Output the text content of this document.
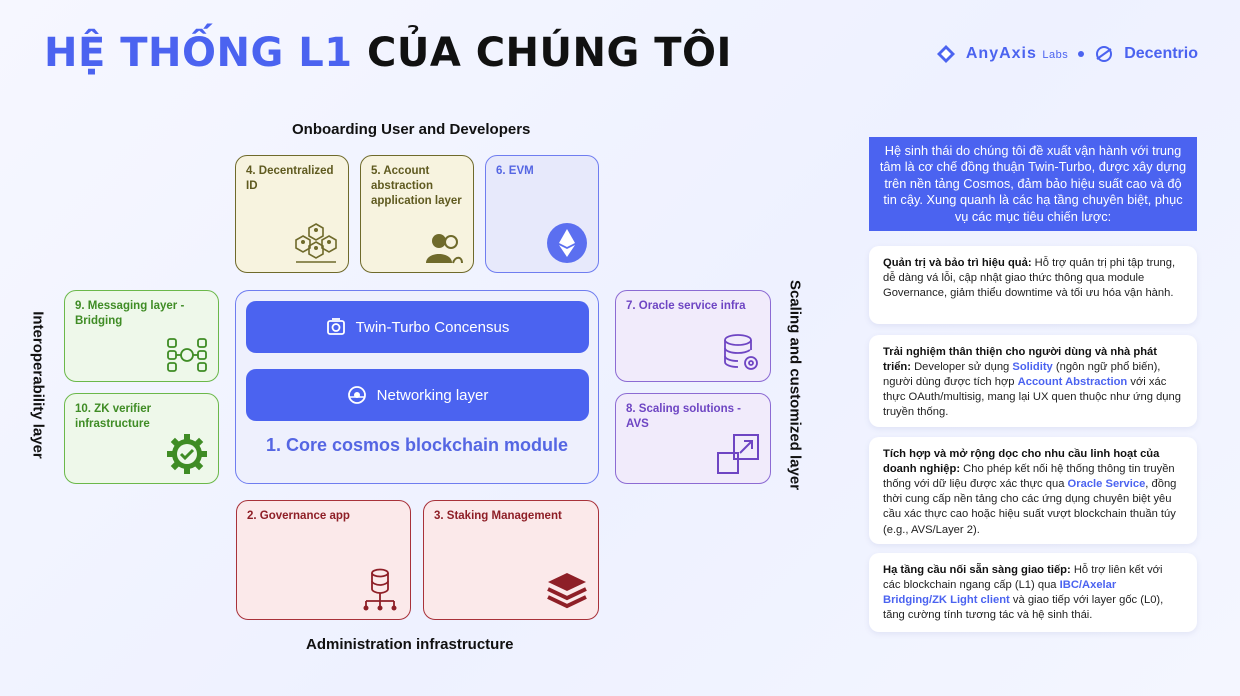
HỆ THỐNG L1 CỦA CHÚNG TÔI	AnyAxis Labs	Decentrio
Onboarding User and Developers
Administration infrastructure
Interoperability layer	Scaling and customized layer
4. Decentralized ID
5. Account abstraction application layer
6. EVM
9. Messaging layer - Bridging
10. ZK verifier infrastructure
Twin-Turbo Concensus
Networking layer
1. Core cosmos blockchain module
7. Oracle service infra
8. Scaling solutions - AVS
2. Governance app	3. Staking Management
Hệ sinh thái do chúng tôi đề xuất vận hành với trung tâm là cơ chế đồng thuận Twin-Turbo, được xây dựng trên nền tảng Cosmos, đảm bảo hiệu suất cao và độ tin cậy. Xung quanh là các hạ tầng chuyên biệt, phục vụ các mục tiêu chiến lược:
Quản trị và bảo trì hiệu quả: Hỗ trợ quản trị phi tập trung, dễ dàng vá lỗi, cập nhật giao thức thông qua module Governance, giảm thiểu downtime và tối ưu hóa vận hành.
Trải nghiệm thân thiện cho người dùng và nhà phát triển: Developer sử dụng Solidity (ngôn ngữ phổ biến), người dùng được tích hợp Account Abstraction với xác thực OAuth/multisig, mang lại UX quen thuộc như ứng dụng truyền thống.
Tích hợp và mở rộng dọc cho nhu cầu linh hoạt của doanh nghiệp: Cho phép kết nối hệ thống thông tin truyền thống với dữ liệu được xác thực qua Oracle Service, đồng thời cung cấp nền tảng cho các ứng dụng chuyên biệt yêu cầu xác thực cao hoặc hiệu suất vượt blockchain thuần túy (e.g., AVS/Layer 2).
Hạ tầng cầu nối sẵn sàng giao tiếp: Hỗ trợ liên kết với các blockchain ngang cấp (L1) qua IBC/Axelar Bridging/ZK Light client và giao tiếp với layer gốc (L0), tăng cường tính tương tác và hệ sinh thái.
